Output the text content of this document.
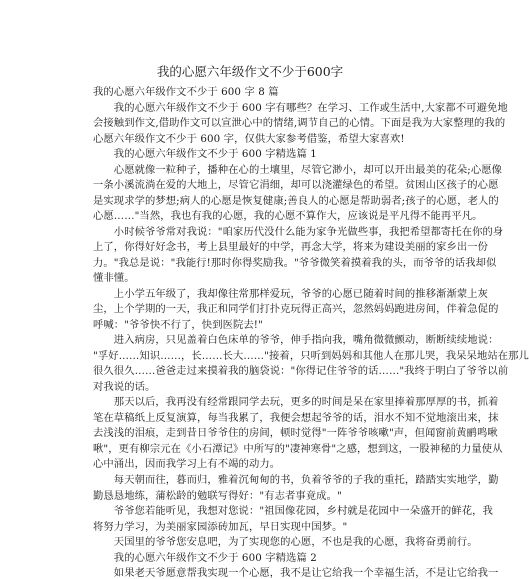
我的心愿六年级作文不少于600字
我的心愿六年级作文不少于 600 字 8 篇
　　我的心愿六年级作文不少于 600 字有哪些？在学习、工作或生活中,大家都不可避免地
会接触到作文,借助作文可以宣泄心中的情绪,调节自己的心情。下面是我为大家整理的我的
心愿六年级作文不少于 600 字，仅供大家参考借鉴，希望大家喜欢!
　　我的心愿六年级作文不少于 600 字精选篇 1
　　心愿就像一粒种子，播种在心的土壤里，尽管它渺小，却可以开出最美的花朵;心愿像
一条小溪流淌在爱的大地上，尽管它涓细，却可以浇灌绿色的希望。贫困山区孩子的心愿
是实现求学的梦想;病人的心愿是恢复健康;善良人的心愿是帮助弱者;孩子的心愿，老人的
心愿……"当然，我也有我的心愿，我的心愿不算作大，应该说是平凡得不能再平凡。
　　小时候爷爷常对我说："咱家历代没什么能为家争光做些事，我把希望都寄托在你的身
上了，你得好好念书，考上县里最好的中学，再念大学，将来为建设美丽的家乡出一份
力。"我总是说："我能行!那时你得奖励我。"爷爷微笑着摸着我的头，而爷爷的话我却似
懂非懂。
　　上小学五年级了，我却像往常那样爱玩，爷爷的心愿已随着时间的推移渐渐蒙上灰
尘，上个学期的一天，我正和同学们打扑克玩得正高兴，忽然妈妈跑进房间，伴着急促的
呼喊："爷爷快不行了，快到医院去!"
　　进入病房，只见盖着白色床单的爷爷，伸手指向我，嘴角微微颤动，断断续续地说：
"孚好……知识……，长……长大……"接着，只听到妈妈和其他人在那儿哭，我呆呆地站在那儿
很久很久……爸爸走过来摸着我的脑袋说："你得记住爷爷的话……"我终于明白了爷爷以前
对我说的话。
　　那天以后，我再没有经常跟同学去玩，更多的时间是呆在家里捧着那厚厚的书，抓着
笔在草稿纸上反复演算，每当我累了，我便会想起爷爷的话，泪水不知不觉地滚出来，抹
去浅浅的泪痕，走到昔日爷爷住的房间，顿时觉得"一阵爷爷咳嗽"声，但闻窗前黄鹂鸣啾
啾"，更有柳宗元在《小石潭记》中所写的"凄神寒骨"之感，想到这，一股神秘的力量使从
心中涌出，因而我学习上有不竭的动力。
　　每天朝而往，暮而归，雅着沉甸甸的书，负着爷爷的子我的重托，踏踏实实地学，勤
勤恳恳地练，蒲松龄的勉联写得好："有志者事竟成。"
　　爷爷您若能听见，我想对您说："祖国像花园，乡村就是花园中一朵盛开的鲜花，我
将努力学习，为美丽家园添砖加瓦，早日实现中国梦。"
　　天国里的爷爷您安息吧，为了实现您的心愿，不也是我的心愿，我将奋勇前行。
　　我的心愿六年级作文不少于 600 字精选篇 2
　　如果老天爷愿意帮我实现一个心愿，我不是让它给我一个幸福生活，不是让它给我一
